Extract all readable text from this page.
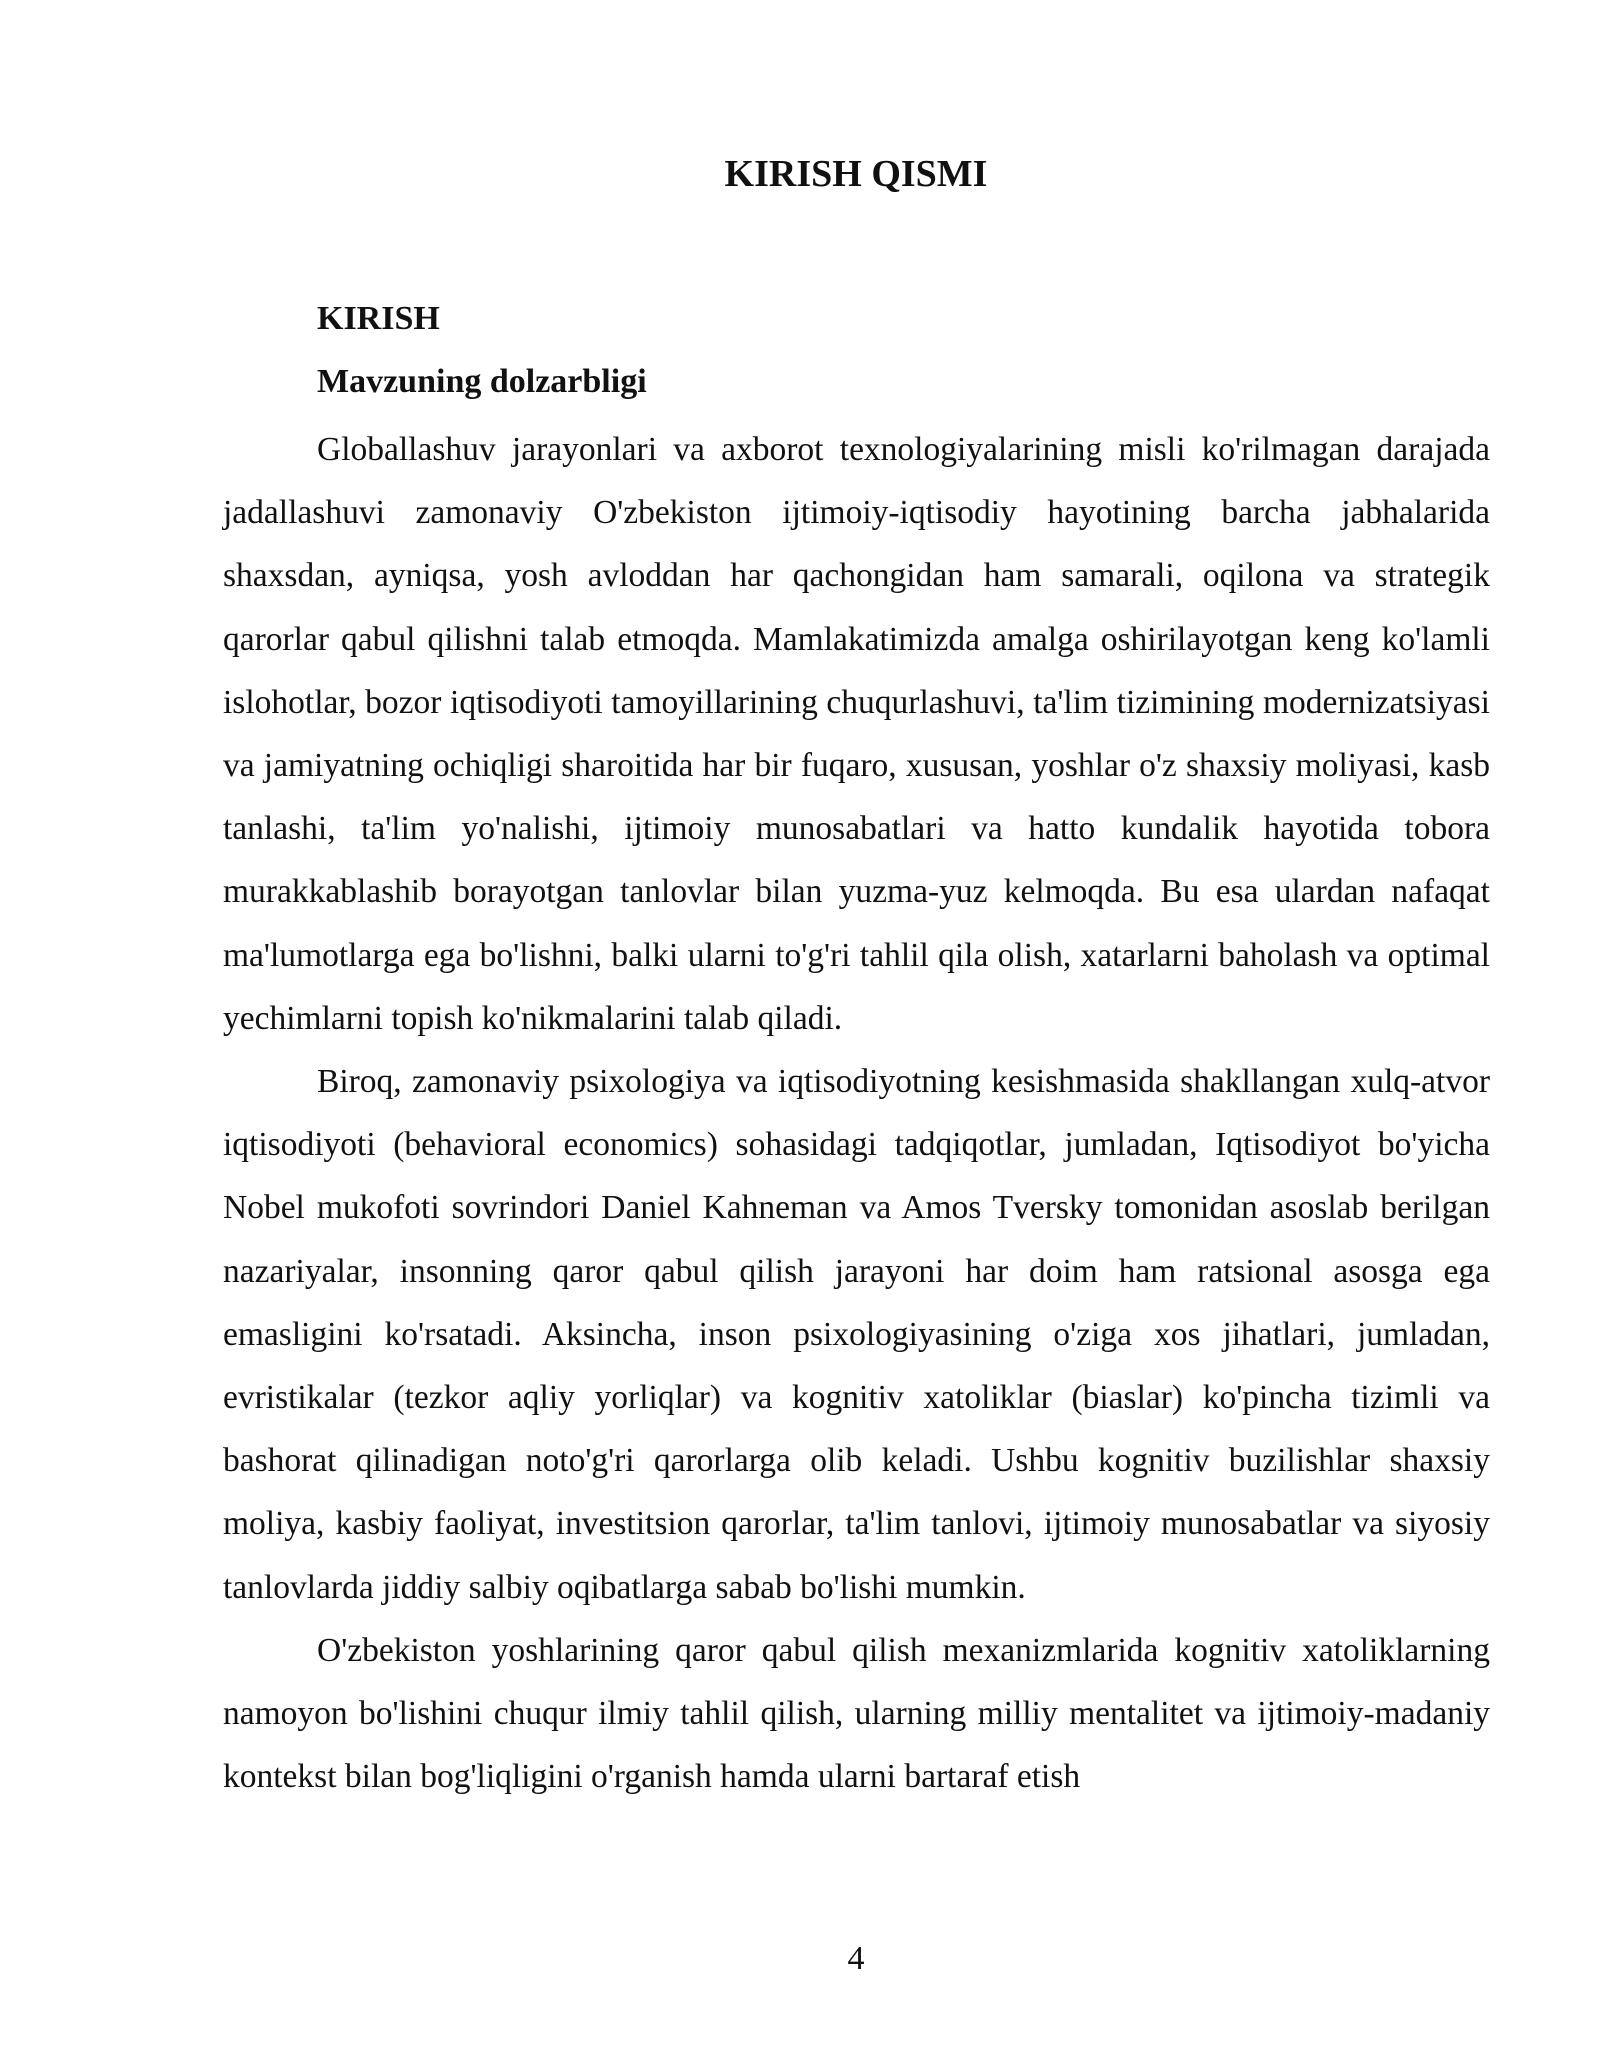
KIRISH QISMI
KIRISH
Mavzuning dolzarbligi

Globallashuv jarayonlari va axborot texnologiyalarining misli ko'rilmagan darajada jadallashuvi zamonaviy O'zbekiston ijtimoiy-iqtisodiy hayotining barcha jabhalarida shaxsdan, ayniqsa, yosh avloddan har qachongidan ham samarali, oqilona va strategik qarorlar qabul qilishni talab etmoqda. Mamlakatimizda amalga oshirilayotgan keng ko'lamli islohotlar, bozor iqtisodiyoti tamoyillarining chuqurlashuvi, ta'lim tizimining modernizatsiyasi va jamiyatning ochiqligi sharoitida har bir fuqaro, xususan, yoshlar o'z shaxsiy moliyasi, kasb tanlashi, ta'lim yo'nalishi, ijtimoiy munosabatlari va hatto kundalik hayotida tobora murakkablashib borayotgan tanlovlar bilan yuzma-yuz kelmoqda. Bu esa ulardan nafaqat ma'lumotlarga ega bo'lishni, balki ularni to'g'ri tahlil qila olish, xatarlarni baholash va optimal yechimlarni topish ko'nikmalarini talab qiladi.

Biroq, zamonaviy psixologiya va iqtisodiyotning kesishmasida shakllangan xulq-atvor iqtisodiyoti (behavioral economics) sohasidagi tadqiqotlar, jumladan, Iqtisodiyot bo'yicha Nobel mukofoti sovrindori Daniel Kahneman va Amos Tversky tomonidan asoslab berilgan nazariyalar, insonning qaror qabul qilish jarayoni har doim ham ratsional asosga ega emasligini ko'rsatadi. Aksincha, inson psixologiyasining o'ziga xos jihatlari, jumladan, evristikalar (tezkor aqliy yorliqlar) va kognitiv xatoliklar (biaslar) ko'pincha tizimli va bashorat qilinadigan noto'g'ri qarorlarga olib keladi. Ushbu kognitiv buzilishlar shaxsiy moliya, kasbiy faoliyat, investitsion qarorlar, ta'lim tanlovi, ijtimoiy munosabatlar va siyosiy tanlovlarda jiddiy salbiy oqibatlarga sabab bo'lishi mumkin.

O'zbekiston yoshlarining qaror qabul qilish mexanizmlarida kognitiv xatoliklarning namoyon bo'lishini chuqur ilmiy tahlil qilish, ularning milliy mentalitet va ijtimoiy-madaniy kontekst bilan bog'liqligini o'rganish hamda ularni bartaraf etish

4
